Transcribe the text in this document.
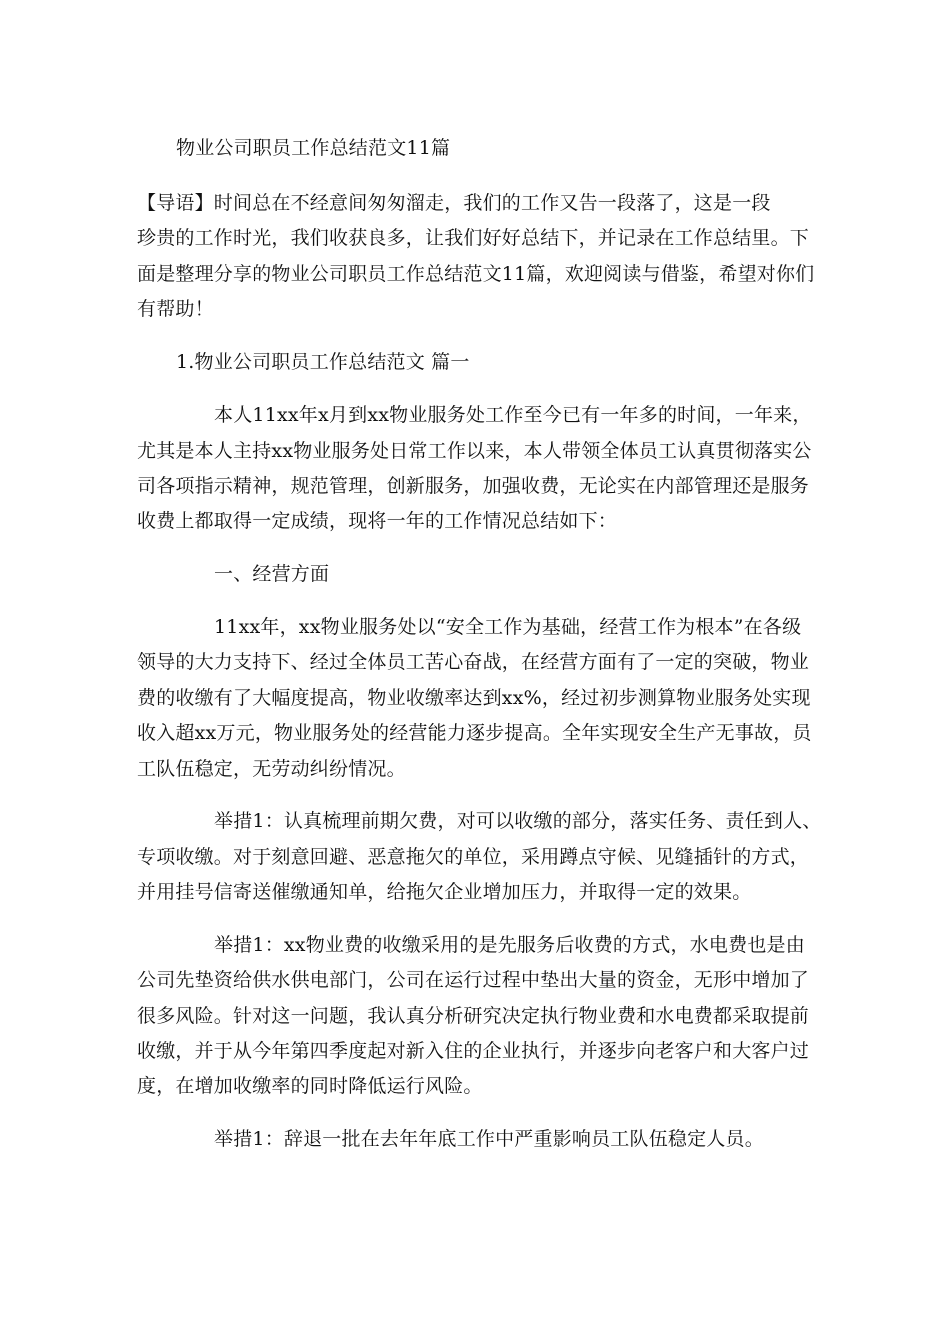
物业公司职员工作总结范文11篇
【导语】时间总在不经意间匆匆溜走，我们的工作又告一段落了，这是一段
珍贵的工作时光，我们收获良多，让我们好好总结下，并记录在工作总结里。下
面是整理分享的物业公司职员工作总结范文11篇，欢迎阅读与借鉴，希望对你们
有帮助！
1.物业公司职员工作总结范文 篇一
本人11xx年x月到xx物业服务处工作至今已有一年多的时间，一年来，
尤其是本人主持xx物业服务处日常工作以来，本人带领全体员工认真贯彻落实公
司各项指示精神，规范管理，创新服务，加强收费，无论实在内部管理还是服务
收费上都取得一定成绩，现将一年的工作情况总结如下：
一、经营方面
11xx年，xx物业服务处以“安全工作为基础，经营工作为根本”在各级
领导的大力支持下、经过全体员工苦心奋战，在经营方面有了一定的突破，物业
费的收缴有了大幅度提高，物业收缴率达到xx%，经过初步测算物业服务处实现
收入超xx万元，物业服务处的经营能力逐步提高。全年实现安全生产无事故，员
工队伍稳定，无劳动纠纷情况。
举措1：认真梳理前期欠费，对可以收缴的部分，落实任务、责任到人、
专项收缴。对于刻意回避、恶意拖欠的单位，采用蹲点守候、见缝插针的方式，
并用挂号信寄送催缴通知单，给拖欠企业增加压力，并取得一定的效果。
举措1：xx物业费的收缴采用的是先服务后收费的方式，水电费也是由
公司先垫资给供水供电部门，公司在运行过程中垫出大量的资金，无形中增加了
很多风险。针对这一问题，我认真分析研究决定执行物业费和水电费都采取提前
收缴，并于从今年第四季度起对新入住的企业执行，并逐步向老客户和大客户过
度，在增加收缴率的同时降低运行风险。
举措1：辞退一批在去年年底工作中严重影响员工队伍稳定人员。
